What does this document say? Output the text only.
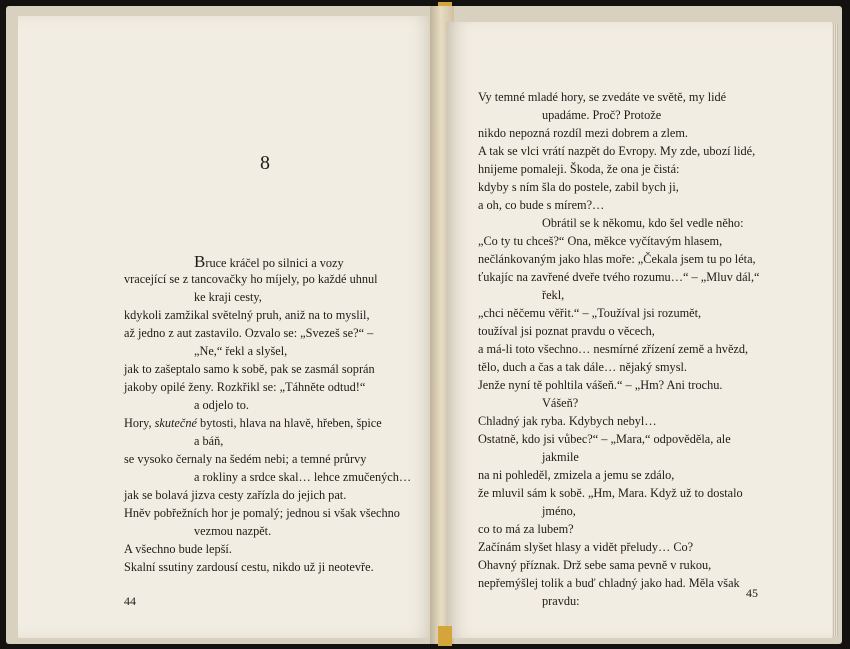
8
Bruce kráčel po silnici a vozy
vracející se z tancovačky ho míjely, po každé uhnul
ke kraji cesty,
kdykoli zamžikal světelný pruh, aniž na to myslil,
až jedno z aut zastavilo. Ozvalo se: „Svezeš se?“ –
„Ne,“ řekl a slyšel,
jak to zašeptalo samo k sobě, pak se zasmál soprán
jakoby opilé ženy. Rozkřikl se: „Táhněte odtud!“
a odjelo to.
Hory, skutečné bytosti, hlava na hlavě, hřeben, špice
a báň,
se vysoko černaly na šedém nebi; a temné průrvy
a rokliny a srdce skal… lehce zmučených…
jak se bolavá jizva cesty zařízla do jejich pat.
Hněv pobřežních hor je pomalý; jednou si však všechno
vezmou nazpět.
A všechno bude lepší.
Skalní ssutiny zardousí cestu, nikdo už ji neotevře.
44
Vy temné mladé hory, se zvedáte ve světě, my lidé
upadáme. Proč? Protože
nikdo nepozná rozdíl mezi dobrem a zlem.
A tak se vlci vrátí nazpět do Evropy. My zde, ubozí lidé,
hnijeme pomaleji. Škoda, že ona je čistá:
kdyby s ním šla do postele, zabil bych ji,
a oh, co bude s mírem?…
Obrátil se k někomu, kdo šel vedle něho:
„Co ty tu chceš?“ Ona, měkce vyčítavým hlasem,
nečlánkovaným jako hlas moře: „Čekala jsem tu po léta,
ťukajíc na zavřené dveře tvého rozumu…“ – „Mluv dál,“
řekl,
„chci něčemu věřit.“ – „Toužíval jsi rozumět,
toužíval jsi poznat pravdu o věcech,
a má-li toto všechno… nesmírné zřízení země a hvězd,
tělo, duch a čas a tak dále… nějaký smysl.
Jenže nyní tě pohltila vášeň.“ – „Hm? Ani trochu.
Vášeň?
Chladný jak ryba. Kdybych nebyl…
Ostatně, kdo jsi vůbec?“ – „Mara,“ odpověděla, ale
jakmile
na ni pohleděl, zmizela a jemu se zdálo,
že mluvil sám k sobě. „Hm, Mara. Když už to dostalo
jméno,
co to má za lubem?
Začínám slyšet hlasy a vidět přeludy… Co?
Ohavný příznak. Drž sebe sama pevně v rukou,
nepřemýšlej tolik a buď chladný jako had. Měla však
pravdu:
45
